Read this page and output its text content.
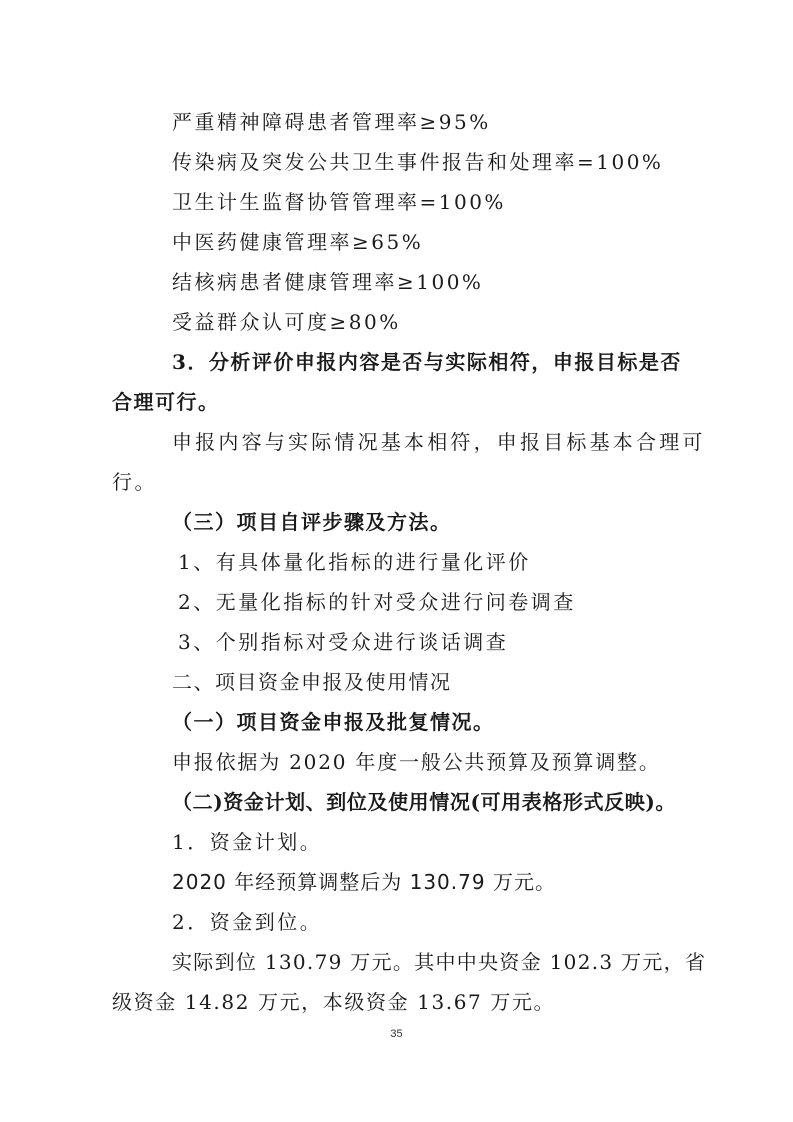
严重精神障碍患者管理率≥95%
传染病及突发公共卫生事件报告和处理率=100%
卫生计生监督协管管理率=100%
中医药健康管理率≥65%
结核病患者健康管理率≥100%
受益群众认可度≥80%
3．分析评价申报内容是否与实际相符，申报目标是否
合理可行。
申报内容与实际情况基本相符，申报目标基本合理可
行。
（三）项目自评步骤及方法。
1、有具体量化指标的进行量化评价
2、无量化指标的针对受众进行问卷调查
3、个别指标对受众进行谈话调查
二、项目资金申报及使用情况
（一）项目资金申报及批复情况。
申报依据为 2020 年度一般公共预算及预算调整。
（二)资金计划、到位及使用情况(可用表格形式反映)。
1．资金计划。
2020 年经预算调整后为 130.79 万元。
2．资金到位。
实际到位 130.79 万元。其中中央资金 102.3 万元，省
级资金 14.82 万元，本级资金 13.67 万元。
35
